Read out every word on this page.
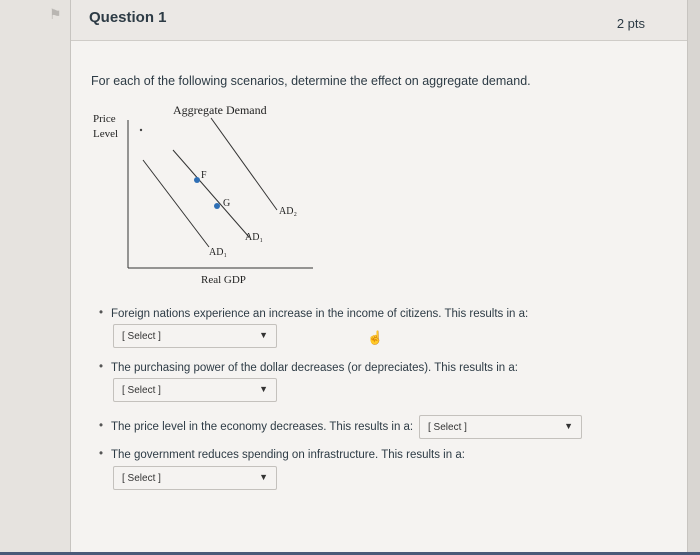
⚑ Question 1	2 pts
For each of the following scenarios, determine the effect on aggregate demand.
Aggregate Demand
Price
Level
F
G
AD₂
AD₁
AD₁
Real GDP
• Foreign nations experience an increase in the income of citizens. This results in a:
[ Select ]	▼
• The purchasing power of the dollar decreases (or depreciates). This results in a:
[ Select ]	▼
• The price level in the economy decreases. This results in a: [ Select ]	▼
• The government reduces spending on infrastructure. This results in a:
[ Select ]	▼
☝
